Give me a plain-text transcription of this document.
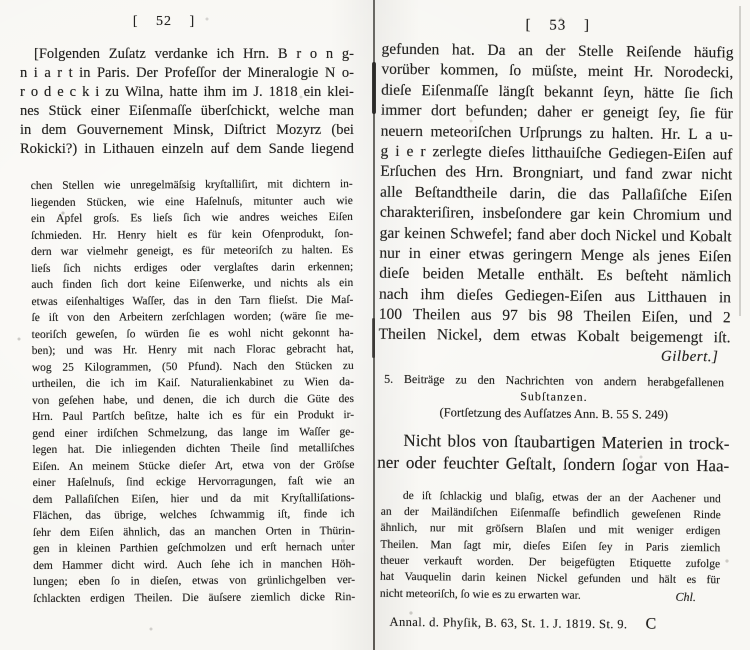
[ 52 ]
[Folgenden Zuſatz verdanke ich Hrn. B r o n g-
n i a r t in Paris. Der Profeſſor der Mineralogie N o-
r o d e c k i zu Wilna, hatte ihm im J. 1818 ein klei-
nes Stück einer Eiſenmaſſe überſchickt, welche man
in dem Gouvernement Minsk, Diſtrict Mozyrz (bei
Rokicki?) in Lithauen einzeln auf dem Sande liegend
chen Stellen wie unregelmäſsig kryſtalliſirt, mit dichtern in-
liegenden Stücken, wie eine Haſelnuſs, mitunter auch wie
ein Apfel groſs. Es lieſs ſich wie andres weiches Eiſen
ſchmieden. Hr. Henry hielt es für kein Ofenprodukt, ſon-
dern war vielmehr geneigt, es für meteoriſch zu halten. Es
lieſs ſich nichts erdiges oder verglaſtes darin erkennen;
auch finden ſich dort keine Eiſenwerke, und nichts als ein
etwas eiſenhaltiges Waſſer, das in den Tarn flieſst. Die Maſ-
ſe iſt von den Arbeitern zerſchlagen worden; (wäre ſie me-
teoriſch geweſen, ſo würden ſie es wohl nicht gekonnt ha-
ben); und was Hr. Henry mit nach Florac gebracht hat,
wog 25 Kilogrammen, (50 Pfund). Nach den Stücken zu
urtheilen, die ich im Kaiſ. Naturalienkabinet zu Wien da-
von geſehen habe, und denen, die ich durch die Güte des
Hrn. Paul Partſch beſitze, halte ich es für ein Produkt ir-
gend einer irdiſchen Schmelzung, das lange im Waſſer ge-
legen hat. Die inliegenden dichten Theile ſind metalliſches
Eiſen. An meinem Stücke dieſer Art, etwa von der Gröſse
einer Haſelnuſs, ſind eckige Hervorragungen, faſt wie an
dem Pallaſiſchen Eiſen, hier und da mit Kryſtalliſations-
Flächen, das übrige, welches ſchwammig iſt, finde ich
ſehr dem Eiſen ähnlich, das an manchen Orten in Thürin-
gen in kleinen Parthien geſchmolzen und erſt hernach unter
dem Hammer dicht wird. Auch ſehe ich in manchen Höh-
lungen; eben ſo in dieſen, etwas von grünlichgelben ver-
ſchlackten erdigen Theilen. Die äuſsere ziemlich dicke Rin-
[ 53 ]
gefunden hat. Da an der Stelle Reiſende häufig
vorüber kommen, ſo müſste, meint Hr. Norodecki,
dieſe Eiſenmaſſe längſt bekannt ſeyn, hätte ſie ſich
immer dort befunden; daher er geneigt ſey, ſie für
neuern meteoriſchen Urſprungs zu halten. Hr. L a u-
g i e r zerlegte dieſes litthauiſche Gediegen-Eiſen auf
Erſuchen des Hrn. Brongniart, und fand zwar nicht
alle Beſtandtheile darin, die das Pallaſiſche Eiſen
charakteriſiren, insbeſondere gar kein Chromium und
gar keinen Schwefel; fand aber doch Nickel und Kobalt
nur in einer etwas geringern Menge als jenes Eiſen
dieſe beiden Metalle enthält. Es beſteht nämlich
nach ihm dieſes Gediegen-Eiſen aus Litthauen in
100 Theilen aus 97 bis 98 Theilen Eiſen, und 2
Theilen Nickel, dem etwas Kobalt beigemengt iſt.
Gilbert.]
5. Beiträge zu den Nachrichten von andern herabgefallenen
Subſtanzen.
(Fortſetzung des Aufſatzes Ann. B. 55 S. 249)
Nicht blos von ſtaubartigen Materien in trock-
ner oder feuchter Geſtalt, ſondern ſogar von Haa-
de iſt ſchlackig und blaſig, etwas der an der Aachener und
an der Mailändiſchen Eiſenmaſſe befindlich geweſenen Rinde
ähnlich, nur mit gröſsern Blaſen und mit weniger erdigen
Theilen. Man ſagt mir, dieſes Eiſen ſey in Paris ziemlich
theuer verkauft worden. Der beigefügten Etiquette zufolge
hat Vauquelin darin keinen Nickel gefunden und hält es für
nicht meteoriſch, ſo wie es zu erwarten war.	Chl.
Annal. d. Phyſik, B. 63, St. 1. J. 1819. St. 9. C
